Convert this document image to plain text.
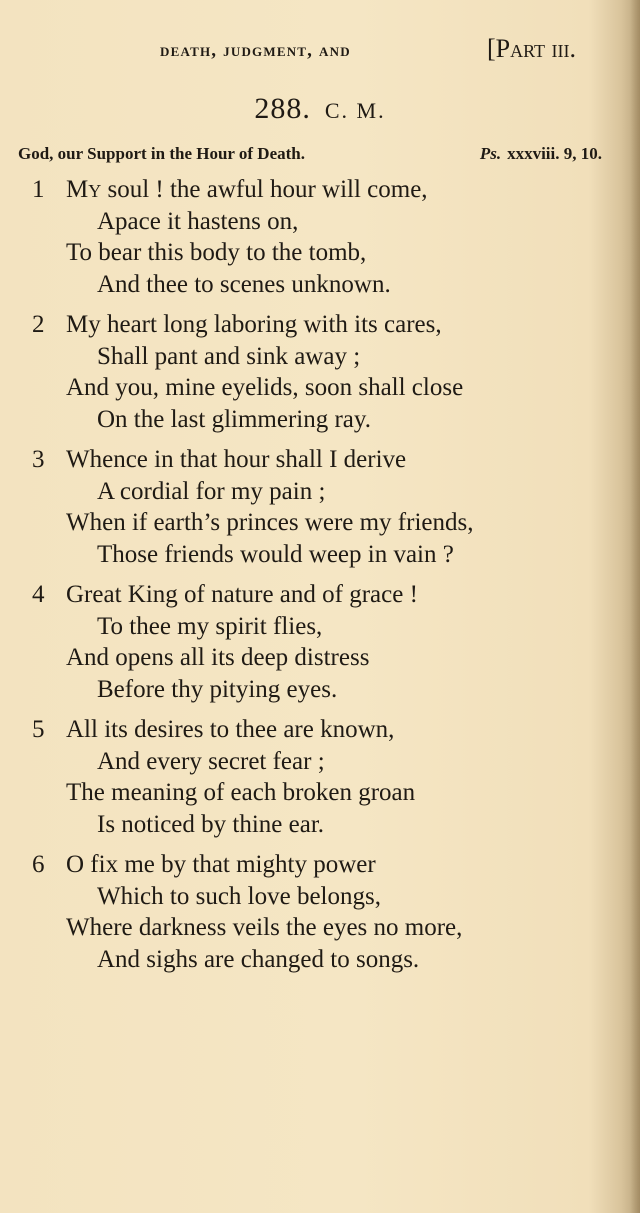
death, judgment, and	[Part iii.
288. C. M.
God, our Support in the Hour of Death.	Ps. xxxviii. 9, 10.
1 My soul ! the awful hour will come,
Apace it hastens on,
To bear this body to the tomb,
And thee to scenes unknown.
2 My heart long laboring with its cares,
Shall pant and sink away ;
And you, mine eyelids, soon shall close
On the last glimmering ray.
3 Whence in that hour shall I derive
A cordial for my pain ;
When if earth’s princes were my friends,
Those friends would weep in vain ?
4 Great King of nature and of grace !
To thee my spirit flies,
And opens all its deep distress
Before thy pitying eyes.
5 All its desires to thee are known,
And every secret fear ;
The meaning of each broken groan
Is noticed by thine ear.
6 O fix me by that mighty power
Which to such love belongs,
Where darkness veils the eyes no more,
And sighs are changed to songs.
